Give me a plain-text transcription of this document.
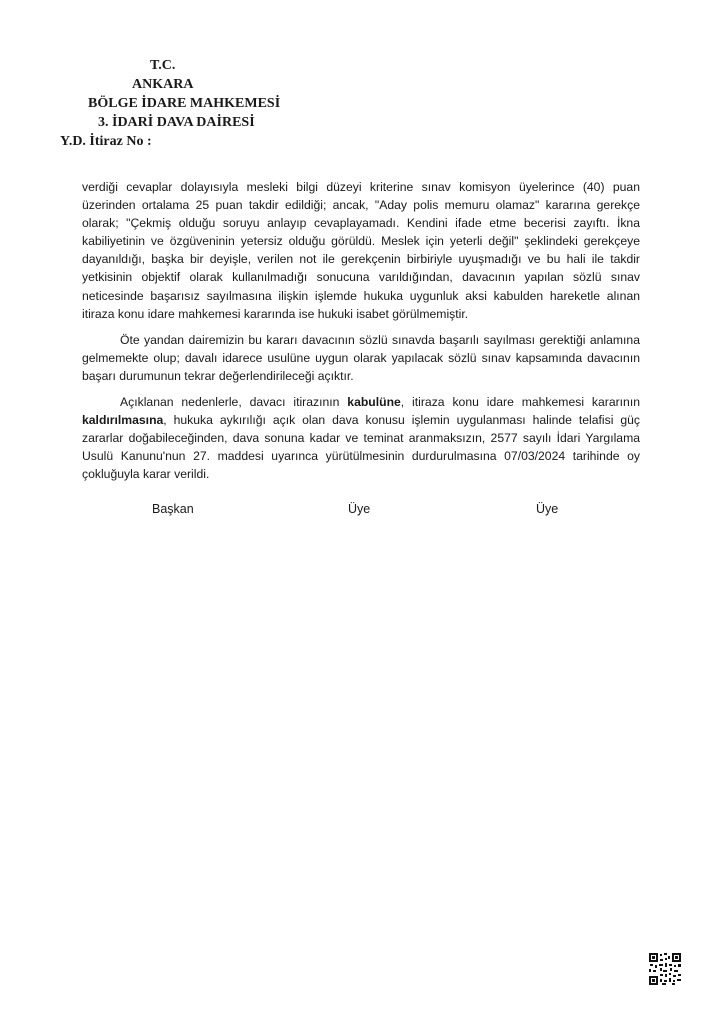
T.C.
ANKARA
BÖLGE İDARE MAHKEMESİ
3. İDARİ DAVA DAİRESİ
Y.D. İtiraz No :

verdiği cevaplar dolayısıyla mesleki bilgi düzeyi kriterine sınav komisyon üyelerince (40) puan üzerinden ortalama 25 puan takdir edildiği; ancak, "Aday polis memuru olamaz" kararına gerekçe olarak; "Çekmiş olduğu soruyu anlayıp cevaplayamadı. Kendini ifade etme becerisi zayıftı. İkna kabiliyetinin ve özgüveninin yetersiz olduğu görüldü. Meslek için yeterli değil" şeklindeki gerekçeye dayanıldığı, başka bir deyişle, verilen not ile gerekçenin birbiriyle uyuşmadığı ve bu hali ile takdir yetkisinin objektif olarak kullanılmadığı sonucuna varıldığından, davacının yapılan sözlü sınav neticesinde başarısız sayılmasına ilişkin işlemde hukuka uygunluk aksi kabulden hareketle alınan itiraza konu idare mahkemesi kararında ise hukuki isabet görülmemiştir.

Öte yandan dairemizin bu kararı davacının sözlü sınavda başarılı sayılması gerektiği anlamına gelmemekte olup; davalı idarece usulüne uygun olarak yapılacak sözlü sınav kapsamında davacının başarı durumunun tekrar değerlendirileceği açıktır.

Açıklanan nedenlerle, davacı itirazının kabulüne, itiraza konu idare mahkemesi kararının kaldırılmasına, hukuka aykırılığı açık olan dava konusu işlemin uygulanması halinde telafisi güç zararlar doğabileceğinden, dava sonuna kadar ve teminat aranmaksızın, 2577 sayılı İdari Yargılama Usulü Kanunu'nun 27. maddesi uyarınca yürütülmesinin durdurulmasına 07/03/2024 tarihinde oy çokluğuyla karar verildi.

Başkan	Üye	Üye
